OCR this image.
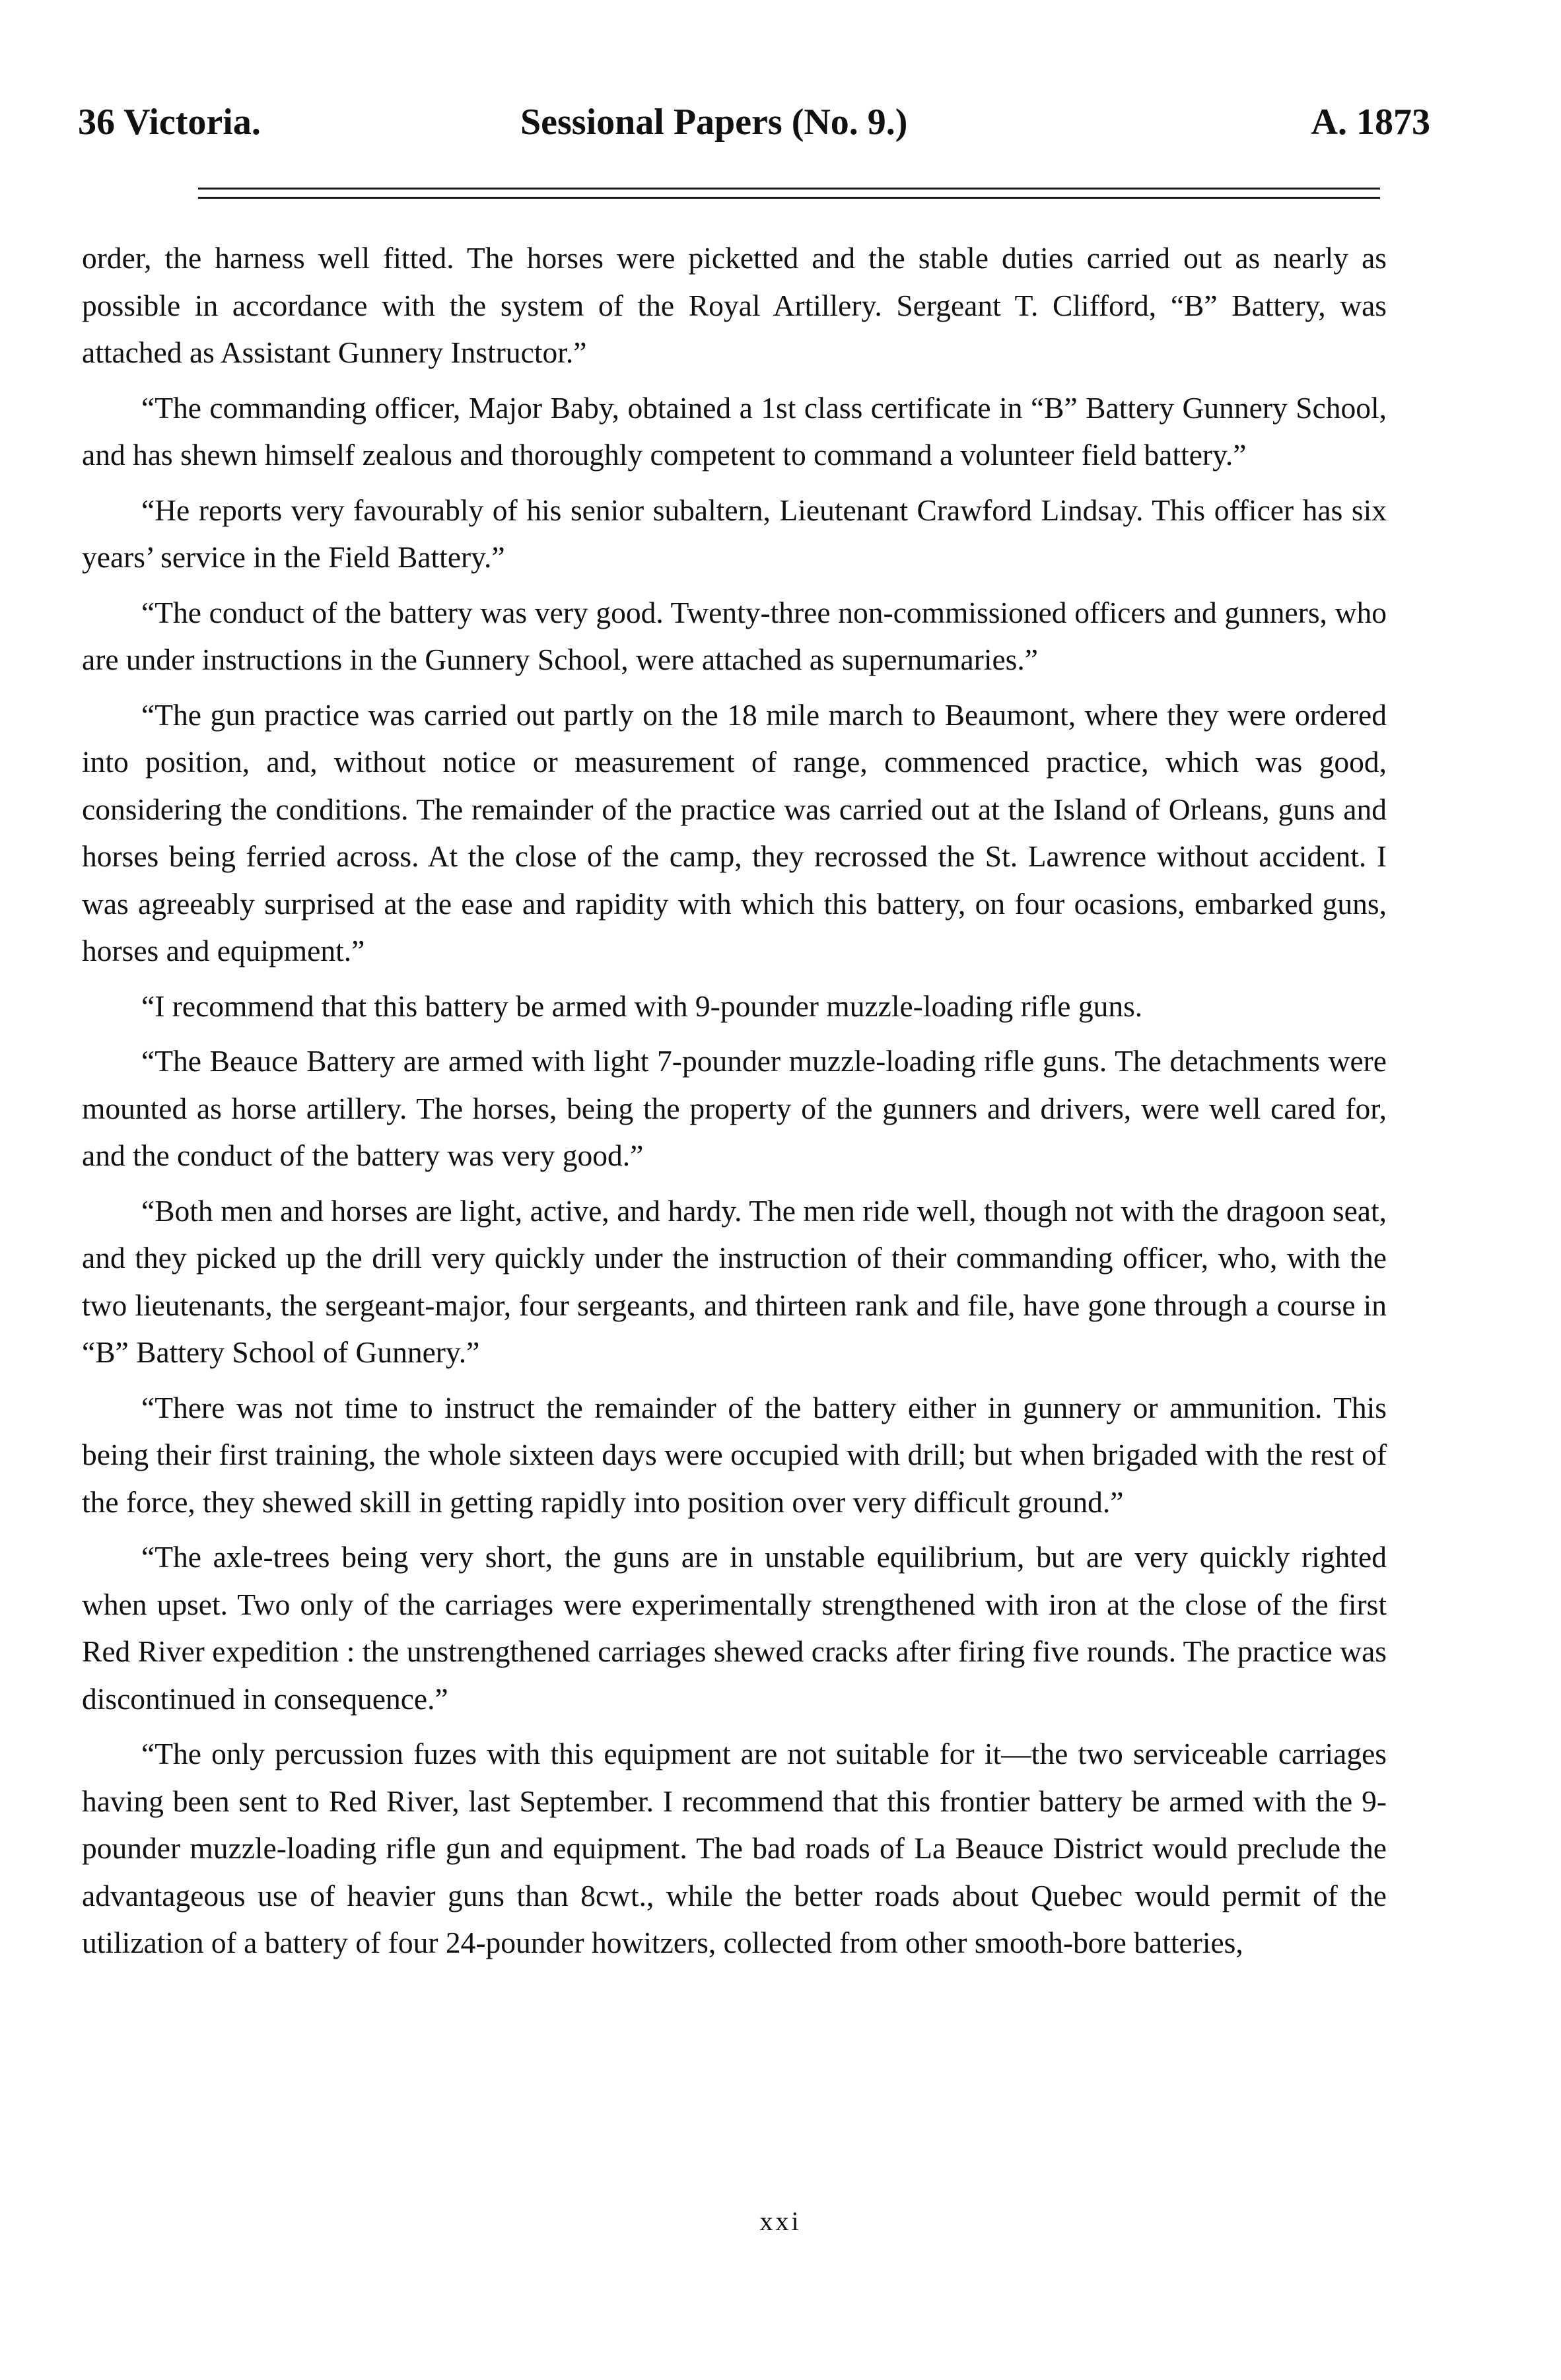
36 Victoria.	Sessional Papers (No. 9.)	A. 1873

order, the harness well fitted. The horses were picketted and the stable duties carried out as nearly as possible in accordance with the system of the Royal Artillery. Sergeant T. Clifford, “B” Battery, was attached as Assistant Gunnery Instructor.”

“The commanding officer, Major Baby, obtained a 1st class certificate in “B” Battery Gunnery School, and has shewn himself zealous and thoroughly competent to command a volunteer field battery.”

“He reports very favourably of his senior subaltern, Lieutenant Crawford Lindsay. This officer has six years’ service in the Field Battery.”

“The conduct of the battery was very good. Twenty-three non-commissioned officers and gunners, who are under instructions in the Gunnery School, were attached as supernumaries.”

“The gun practice was carried out partly on the 18 mile march to Beaumont, where they were ordered into position, and, without notice or measurement of range, commenced practice, which was good, considering the conditions. The remainder of the practice was carried out at the Island of Orleans, guns and horses being ferried across. At the close of the camp, they recrossed the St. Lawrence without accident. I was agreeably surprised at the ease and rapidity with which this battery, on four ocasions, embarked guns, horses and equipment.”

“I recommend that this battery be armed with 9-pounder muzzle-loading rifle guns.

“The Beauce Battery are armed with light 7-pounder muzzle-loading rifle guns. The detachments were mounted as horse artillery. The horses, being the property of the gunners and drivers, were well cared for, and the conduct of the battery was very good.”

“Both men and horses are light, active, and hardy. The men ride well, though not with the dragoon seat, and they picked up the drill very quickly under the instruction of their commanding officer, who, with the two lieutenants, the sergeant-major, four sergeants, and thirteen rank and file, have gone through a course in “B” Battery School of Gunnery.”

“There was not time to instruct the remainder of the battery either in gunnery or ammunition. This being their first training, the whole sixteen days were occupied with drill; but when brigaded with the rest of the force, they shewed skill in getting rapidly into position over very difficult ground.”

“The axle-trees being very short, the guns are in unstable equilibrium, but are very quickly righted when upset. Two only of the carriages were experimentally strengthened with iron at the close of the first Red River expedition : the unstrengthened carriages shewed cracks after firing five rounds. The practice was discontinued in consequence.”

“The only percussion fuzes with this equipment are not suitable for it—the two serviceable carriages having been sent to Red River, last September. I recommend that this frontier battery be armed with the 9-pounder muzzle-loading rifle gun and equipment. The bad roads of La Beauce District would preclude the advantageous use of heavier guns than 8cwt., while the better roads about Quebec would permit of the utilization of a battery of four 24-pounder howitzers, collected from other smooth-bore batteries,

xxi
